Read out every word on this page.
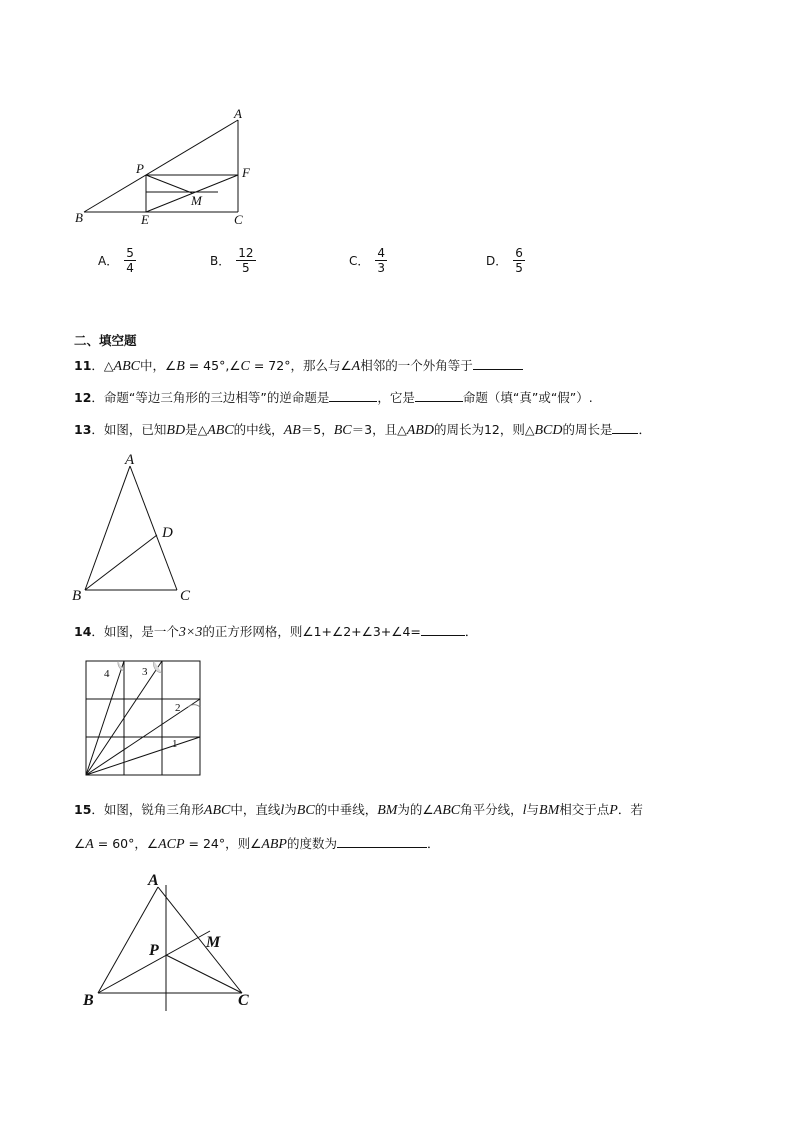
A
P	F
M
B	E	C
A． $\frac{5}{4}$	B． $\frac{12}{5}$	C． $\frac{4}{3}$	D． $\frac{6}{5}$
二、填空题
11．△ABC中，∠B = 45°,∠C = 72°，那么与∠A相邻的一个外角等于
12．命题“等边三角形的三边相等”的逆命题是	，它是	命题（填“真”或“假”）.
13．如图，已知BD是△ABC的中线，AB＝5，BC＝3，且△ABD的周长为12，则△BCD的周长是 ．
A
D
B	C
14．如图，是一个3×3的正方形网格，则∠1+∠2+∠3+∠4=	．
4	3
2
1
15．如图，锐角三角形ABC中，直线l为BC的中垂线，BM为的∠ABC角平分线，l与BM相交于点P．若
∠A = 60°，∠ACP = 24°，则∠ABP的度数为	．
A
M
P
B	C
